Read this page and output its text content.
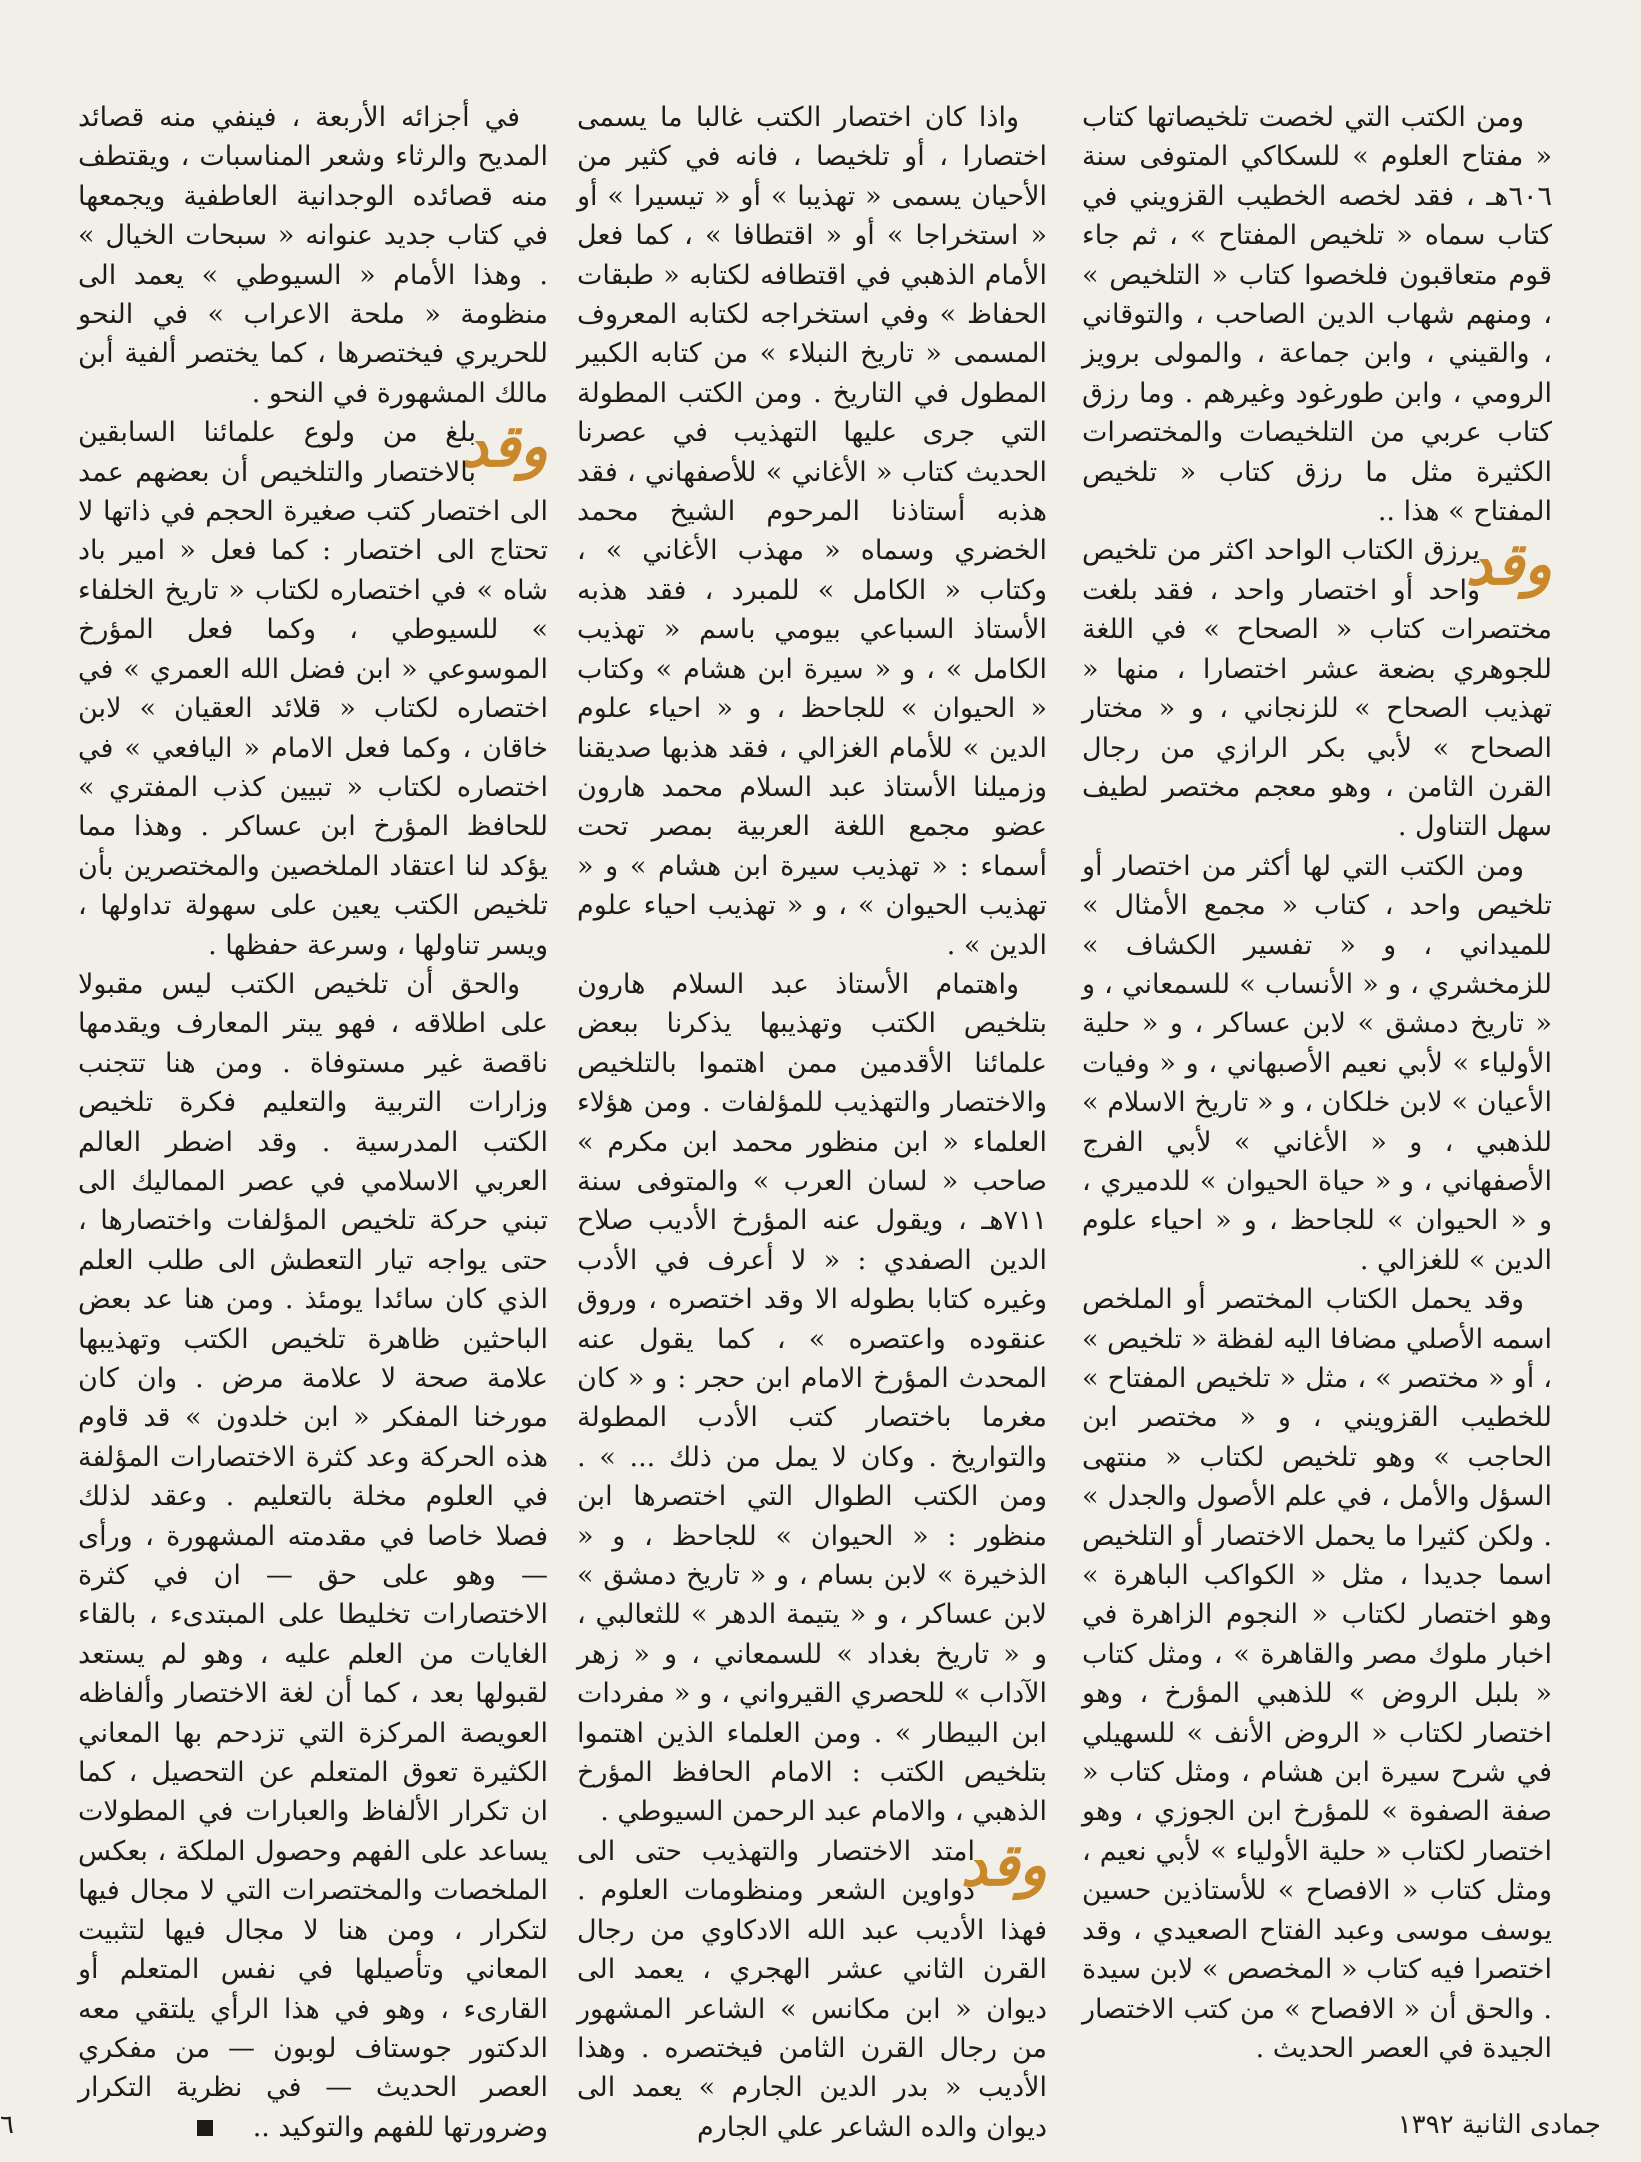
ومن الكتب التي لخصت تلخيصاتها كتاب « مفتاح العلوم » للسكاكي المتوفى سنة ٦٠٦هـ ، فقد لخصه الخطيب القزويني في كتاب سماه « تلخيص المفتاح » ، ثم جاء قوم متعاقبون فلخصوا كتاب « التلخيص » ، ومنهم شهاب الدين الصاحب ، والتوقاني ، والقيني ، وابن جماعة ، والمولى برويز الرومي ، وابن طورغود وغيرهم . وما رزق كتاب عربي من التلخيصات والمختصرات الكثيرة مثل ما رزق كتاب « تلخيص المفتاح » هذا ..

وقد

يرزق الكتاب الواحد اكثر من تلخيص واحد أو اختصار واحد ، فقد بلغت مختصرات كتاب « الصحاح » في اللغة للجوهري بضعة عشر اختصارا ، منها « تهذيب الصحاح » للزنجاني ، و « مختار الصحاح » لأبي بكر الرازي من رجال القرن الثامن ، وهو معجم مختصر لطيف سهل التناول .

ومن الكتب التي لها أكثر من اختصار أو تلخيص واحد ، كتاب « مجمع الأمثال » للميداني ، و « تفسير الكشاف » للزمخشري ، و « الأنساب » للسمعاني ، و « تاريخ دمشق » لابن عساكر ، و « حلية الأولياء » لأبي نعيم الأصبهاني ، و « وفيات الأعيان » لابن خلكان ، و « تاريخ الاسلام » للذهبي ، و « الأغاني » لأبي الفرج الأصفهاني ، و « حياة الحيوان » للدميري ، و « الحيوان » للجاحظ ، و « احياء علوم الدين » للغزالي .

وقد يحمل الكتاب المختصر أو الملخص اسمه الأصلي مضافا اليه لفظة « تلخيص » ، أو « مختصر » ، مثل « تلخيص المفتاح » للخطيب القزويني ، و « مختصر ابن الحاجب » وهو تلخيص لكتاب « منتهى السؤل والأمل ، في علم الأصول والجدل » . ولكن كثيرا ما يحمل الاختصار أو التلخيص اسما جديدا ، مثل « الكواكب الباهرة » وهو اختصار لكتاب « النجوم الزاهرة في اخبار ملوك مصر والقاهرة » ، ومثل كتاب « بلبل الروض » للذهبي المؤرخ ، وهو اختصار لكتاب « الروض الأنف » للسهيلي في شرح سيرة ابن هشام ، ومثل كتاب « صفة الصفوة » للمؤرخ ابن الجوزي ، وهو اختصار لكتاب « حلية الأولياء » لأبي نعيم ، ومثل كتاب « الافصاح » للأستاذين حسين يوسف موسى وعبد الفتاح الصعيدي ، وقد اختصرا فيه كتاب « المخصص » لابن سيدة . والحق أن « الافصاح » من كتب الاختصار الجيدة في العصر الحديث .

واذا كان اختصار الكتب غالبا ما يسمى اختصارا ، أو تلخيصا ، فانه في كثير من الأحيان يسمى « تهذيبا » أو « تيسيرا » أو « استخراجا » أو « اقتطافا » ، كما فعل الأمام الذهبي في اقتطافه لكتابه « طبقات الحفاظ » وفي استخراجه لكتابه المعروف المسمى « تاريخ النبلاء » من كتابه الكبير المطول في التاريخ . ومن الكتب المطولة التي جرى عليها التهذيب في عصرنا الحديث كتاب « الأغاني » للأصفهاني ، فقد هذبه أستاذنا المرحوم الشيخ محمد الخضري وسماه « مهذب الأغاني » ، وكتاب « الكامل » للمبرد ، فقد هذبه الأستاذ السباعي بيومي باسم « تهذيب الكامل » ، و « سيرة ابن هشام » وكتاب « الحيوان » للجاحظ ، و « احياء علوم الدين » للأمام الغزالي ، فقد هذبها صديقنا وزميلنا الأستاذ عبد السلام محمد هارون عضو مجمع اللغة العربية بمصر تحت أسماء : « تهذيب سيرة ابن هشام » و « تهذيب الحيوان » ، و « تهذيب احياء علوم الدين » .

واهتمام الأستاذ عبد السلام هارون بتلخيص الكتب وتهذيبها يذكرنا ببعض علمائنا الأقدمين ممن اهتموا بالتلخيص والاختصار والتهذيب للمؤلفات . ومن هؤلاء العلماء « ابن منظور محمد ابن مكرم » صاحب « لسان العرب » والمتوفى سنة ٧١١هـ ، ويقول عنه المؤرخ الأديب صلاح الدين الصفدي : « لا أعرف في الأدب وغيره كتابا بطوله الا وقد اختصره ، وروق عنقوده واعتصره » ، كما يقول عنه المحدث المؤرخ الامام ابن حجر : و « كان مغرما باختصار كتب الأدب المطولة والتواريخ . وكان لا يمل من ذلك ... » . ومن الكتب الطوال التي اختصرها ابن منظور : « الحيوان » للجاحظ ، و « الذخيرة » لابن بسام ، و « تاريخ دمشق » لابن عساكر ، و « يتيمة الدهر » للثعالبي ، و « تاريخ بغداد » للسمعاني ، و « زهر الآداب » للحصري القيرواني ، و « مفردات ابن البيطار » . ومن العلماء الذين اهتموا بتلخيص الكتب : الامام الحافظ المؤرخ الذهبي ، والامام عبد الرحمن السيوطي .

وقد

امتد الاختصار والتهذيب حتى الى دواوين الشعر ومنظومات العلوم . فهذا الأديب عبد الله الادكاوي من رجال القرن الثاني عشر الهجري ، يعمد الى ديوان « ابن مكانس » الشاعر المشهور من رجال القرن الثامن فيختصره . وهذا الأديب « بدر الدين الجارم » يعمد الى ديوان والده الشاعر علي الجارم

في أجزائه الأربعة ، فينفي منه قصائد المديح والرثاء وشعر المناسبات ، ويقتطف منه قصائده الوجدانية العاطفية ويجمعها في كتاب جديد عنوانه « سبحات الخيال » . وهذا الأمام « السيوطي » يعمد الى منظومة « ملحة الاعراب » في النحو للحريري فيختصرها ، كما يختصر ألفية أبن مالك المشهورة في النحو .

وقد

بلغ من ولوع علمائنا السابقين بالاختصار والتلخيص أن بعضهم عمد الى اختصار كتب صغيرة الحجم في ذاتها لا تحتاج الى اختصار : كما فعل « امير باد شاه » في اختصاره لكتاب « تاريخ الخلفاء » للسيوطي ، وكما فعل المؤرخ الموسوعي « ابن فضل الله العمري » في اختصاره لكتاب « قلائد العقيان » لابن خاقان ، وكما فعل الامام « اليافعي » في اختصاره لكتاب « تبيين كذب المفتري » للحافظ المؤرخ ابن عساكر . وهذا مما يؤكد لنا اعتقاد الملخصين والمختصرين بأن تلخيص الكتب يعين على سهولة تداولها ، ويسر تناولها ، وسرعة حفظها .

والحق أن تلخيص الكتب ليس مقبولا على اطلاقه ، فهو يبتر المعارف ويقدمها ناقصة غير مستوفاة . ومن هنا تتجنب وزارات التربية والتعليم فكرة تلخيص الكتب المدرسية . وقد اضطر العالم العربي الاسلامي في عصر المماليك الى تبني حركة تلخيص المؤلفات واختصارها ، حتى يواجه تيار التعطش الى طلب العلم الذي كان سائدا يومئذ . ومن هنا عد بعض الباحثين ظاهرة تلخيص الكتب وتهذيبها علامة صحة لا علامة مرض . وان كان مورخنا المفكر « ابن خلدون » قد قاوم هذه الحركة وعد كثرة الاختصارات المؤلفة في العلوم مخلة بالتعليم . وعقد لذلك فصلا خاصا في مقدمته المشهورة ، ورأى — وهو على حق — ان في كثرة الاختصارات تخليطا على المبتدىء ، بالقاء الغايات من العلم عليه ، وهو لم يستعد لقبولها بعد ، كما أن لغة الاختصار وألفاظه العويصة المركزة التي تزدحم بها المعاني الكثيرة تعوق المتعلم عن التحصيل ، كما ان تكرار الألفاظ والعبارات في المطولات يساعد على الفهم وحصول الملكة ، بعكس الملخصات والمختصرات التي لا مجال فيها لتكرار ، ومن هنا لا مجال فيها لتثبيت المعاني وتأصيلها في نفس المتعلم أو القارىء ، وهو في هذا الرأي يلتقي معه الدكتور جوستاف لوبون — من مفكري العصر الحديث — في نظرية التكرار وضرورتها للفهم والتوكيد ..	جمادى الثانية ١٣٩٢
٦
